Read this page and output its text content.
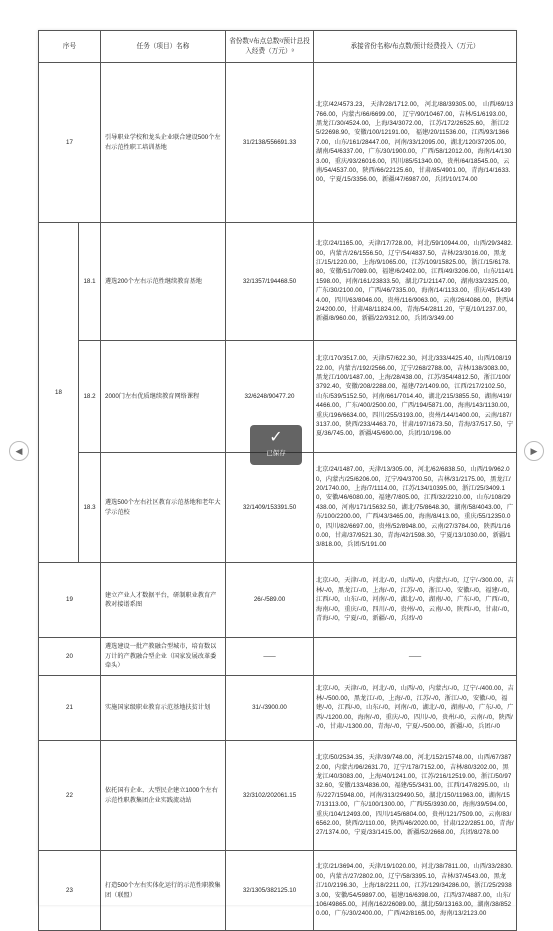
序号		任务（项目）名称	省份数¹/布点总数²/预计总投入经费（万元）³	承接省份名称/布点数/预计经费投入（万元）
17		引导职业学校和龙头企业联合建设500个左右示范性职工培训基地	31/2138/556691.33	北京/42/4573.23， 天津/28/1712.00， 河北/88/39305.00， 山西/69/13766.00，内蒙古/66/6699.00， 辽宁/90/10467.00，吉林/51/6193.00，黑龙江/30/4524.00，上海/34/3072.00， 江苏/172/26525.60， 浙江/25/22698.90，安徽/100/12191.00， 福建/20/11536.00，江西/93/13667.00，山东/161/28447.00，河南/33/12095.00，湖北/120/37205.00，湖南/54/6337.00，广东/30/1900.00，广西/58/12012.00，海南/14/1303.00，重庆/93/26016.00，四川/85/51340.00，贵州/64/18545.00，云南/54/4537.00，陕西/66/22125.60，甘肃/85/4901.00，青海/14/1633.00，宁夏/15/3356.00，新疆/47/6987.00，兵团/10/174.00
18	18.1	遴选200个左右示范性继续教育基地	32/1357/194468.50	北京/24/1165.00，天津/17/728.00，河北/59/10944.00，山西/29/3482.00，内蒙古/26/1556.50，辽宁/54/4837.50，吉林/23/3016.00，黑龙江/15/1220.00，上海/9/1065.00，江苏/109/15825.00，浙江/15/6178.80，安徽/51/7089.00，福建/6/2402.00，江西/49/3206.00，山东/114/11598.00，河南/161/23833.50，湖北/71/21147.00，湖南/33/2325.00，广东/30/2100.00，广西/46/7335.00，海南/14/1133.00，重庆/45/14394.00，四川/63/8046.00，贵州/116/9063.00，云南/26/4086.00，陕西/42/4200.00，甘肃/48/11824.00，青海/54/2811.20，宁夏/10/1237.00，新疆/8/960.00，新疆/22/9312.00，兵团/3/349.00
	18.2	2000门左右优质继续教育网络课程	32/6248/90477.20	北京/170/3517.00，天津/57/622.30，河北/333/4425.40，山西/108/1922.00，内蒙古/192/2566.00，辽宁/268/2788.00，吉林/138/3083.00，黑龙江/100/1487.00，上海/28/438.00，江苏/354/4812.50，浙江/100/3792.40，安徽/208/2288.00，福建/72/1409.00，江西/217/2102.50，山东/539/5152.50，河南/661/7014.40，湖北/215/3855.50，湖南/419/4466.00，广东/400/2500.00，广西/194/5871.00，海南/143/1130.00，重庆/196/6634.00，四川/255/3193.00，贵州/144/1400.00，云南/187/3137.00，陕西/233/4463.70，甘肃/197/1673.50，青海/37/517.50，宁夏/36/745.00，新疆/45/690.00，兵团/10/196.00
	18.3	遴选500个左右社区教育示范基地和老年大学示范校	32/1409/153391.50	北京/24/1487.00，天津/13/305.00，河北/62/6838.50，山西/19/962.00，内蒙古/25/6206.00，辽宁/94/3700.50，吉林/31/2175.00，黑龙江/20/1740.00，上海/7/1114.00，江苏/134/10395.00，浙江/25/3409.10，安徽/46/6080.00，福建/7/805.00，江西/32/2210.00，山东/108/29438.00，河南/171/15632.50，湖北/75/8648.30，湖南/58/4043.00，广东/100/2200.00，广西/43/3465.00，海南/8/413.00，重庆/55/12350.00，四川/82/6697.00，贵州/52/8948.00，云南/27/3784.00，陕西/1/160.00，甘肃/37/9521.30，青海/42/1598.30，宁夏/13/1030.00，新疆/13/818.00，兵团/5/191.00
19		建立产业人才数据平台，研制职业教育产教对接谱系图	26/-/589.00	北京/-/0，天津/-/0，河北/-/0，山西/-/0，内蒙古/-/0，辽宁/-/300.00，吉林/-/0，黑龙江/-/0，上海/-/0，江苏/-/0，浙江/-/0，安徽/-/0，福建/-/0，江西/-/0，山东/-/0，河南/-/0，湖北/-/0，湖南/-/0，广东/-/0，广西/-/0，海南/-/0，重庆/-/0，四川/-/0，贵州/-/0，云南/-/0，陕西/-/0，甘肃/-/0，青海/-/0，宁夏/-/0，新疆/-/0，兵团/-/0
20		遴选建设一批产教融合型城市，培育数以万计的产教融合型企业（国家发展改革委牵头）	——	——
21		实施国家级职业教育示范基地扶贫计划	31/-/3900.00	北京/-/0，天津/-/0，河北/-/0，山西/-/0，内蒙古/-/0，辽宁/-/400.00，吉林/-/500.00，黑龙江/-/0，上海/-/0，江苏/-/0，浙江/-/0，安徽/-/0，福建/-/0，江西/-/0，山东/-/0，河南/-/0，湖北/-/0，湖南/-/0，广东/-/0，广西/-/1200.00，海南/-/0，重庆/-/0，四川/-/0，贵州/-/0，云南/-/0，陕西/-/0，甘肃/-/1300.00，青海/-/0，宁夏/-/500.00，新疆/-/0，兵团/-/0
22		依托国有企业、大型民企建立1000个左右示范性职教集团企业实践流动站	32/3102/202061.15	北京/50/2534.35，天津/39/748.00，河北/152/15748.00，山西/67/3872.00，内蒙古/96/2631.70，辽宁/178/7152.00，吉林/80/3202.00，黑龙江/40/3083.00，上海/40/1241.00，江苏/216/12519.00，浙江/50/9732.60，安徽/133/4836.00，福建/55/3431.00，江西/147/8295.00，山东/227/15948.00，河南/313/29490.50，湖北/150/11963.00，湖南/157/13113.00，广东/100/1300.00，广西/55/3930.00，海南/39/594.00，重庆/104/12493.00，四川/145/6804.00，贵州/121/7509.00，云南/83/6562.00，陕西/2/110.00，陕西/46/2020.00，甘肃/122/2851.00，青海/27/1374.00，宁夏/33/1415.00，新疆/52/2668.00，兵团/8/278.00
23		打造500个左右实体化运行的示范性职教集团（联盟）	32/1305/382125.10	北京/21/3694.00，天津/19/1020.00，河北/38/7811.00，山西/33/2830.00，内蒙古/27/2802.00，辽宁/58/3395.10，吉林/37/4543.00，黑龙江/10/2196.30，上海/18/2211.00，江苏/129/34286.00，浙江/25/29383.00，安徽/54/59897.00，福建/16/6398.00，江西/37/4887.00，山东/106/49865.00，河南/162/26089.00，湖北/59/13163.00，湖南/38/8520.00，广东/30/2400.00，广西/42/8165.00，海南/13/2123.00
◀	▶
✓
已保存
